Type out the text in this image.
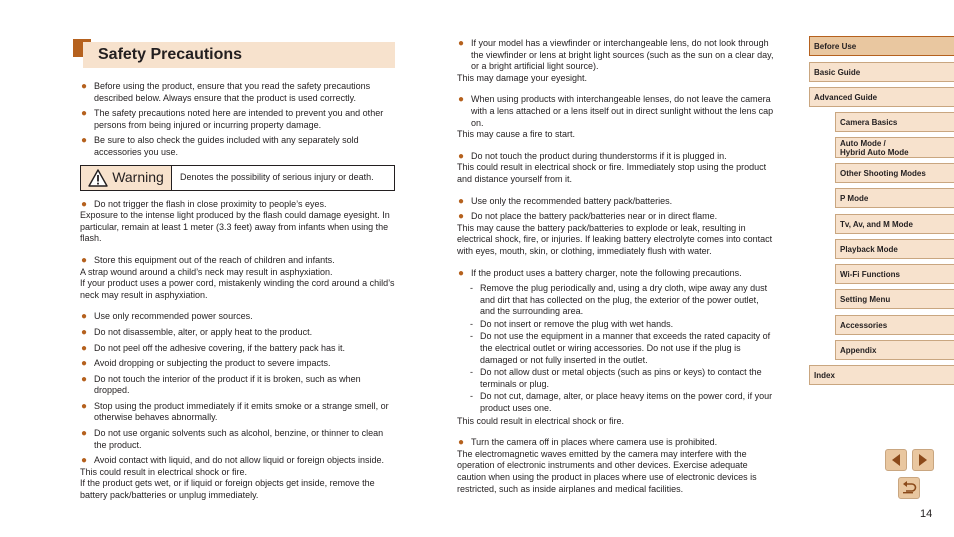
Safety Precautions
● Before using the product, ensure that you read the safety precautions described below. Always ensure that the product is used correctly.
● The safety precautions noted here are intended to prevent you and other persons from being injured or incurring property damage.
● Be sure to also check the guides included with any separately sold accessories you use.
Warning	Denotes the possibility of serious injury or death.
● Do not trigger the flash in close proximity to people’s eyes.
Exposure to the intense light produced by the flash could damage eyesight. In particular, remain at least 1 meter (3.3 feet) away from infants when using the flash.
● Store this equipment out of the reach of children and infants.
A strap wound around a child’s neck may result in asphyxiation.
If your product uses a power cord, mistakenly winding the cord around a child’s neck may result in asphyxiation.
● Use only recommended power sources.
● Do not disassemble, alter, or apply heat to the product.
● Do not peel off the adhesive covering, if the battery pack has it.
● Avoid dropping or subjecting the product to severe impacts.
● Do not touch the interior of the product if it is broken, such as when dropped.
● Stop using the product immediately if it emits smoke or a strange smell, or otherwise behaves abnormally.
● Do not use organic solvents such as alcohol, benzine, or thinner to clean the product.
● Avoid contact with liquid, and do not allow liquid or foreign objects inside.
This could result in electrical shock or fire.
If the product gets wet, or if liquid or foreign objects get inside, remove the battery pack/batteries or unplug immediately.
● If your model has a viewfinder or interchangeable lens, do not look through the viewfinder or lens at bright light sources (such as the sun on a clear day, or a bright artificial light source).
This may damage your eyesight.
● When using products with interchangeable lenses, do not leave the camera with a lens attached or a lens itself out in direct sunlight without the lens cap on.
This may cause a fire to start.
● Do not touch the product during thunderstorms if it is plugged in.
This could result in electrical shock or fire. Immediately stop using the product and distance yourself from it.
● Use only the recommended battery pack/batteries.
● Do not place the battery pack/batteries near or in direct flame.
This may cause the battery pack/batteries to explode or leak, resulting in electrical shock, fire, or injuries. If leaking battery electrolyte comes into contact with eyes, mouth, skin, or clothing, immediately flush with water.
● If the product uses a battery charger, note the following precautions.
- Remove the plug periodically and, using a dry cloth, wipe away any dust and dirt that has collected on the plug, the exterior of the power outlet, and the surrounding area.
- Do not insert or remove the plug with wet hands.
- Do not use the equipment in a manner that exceeds the rated capacity of the electrical outlet or wiring accessories. Do not use if the plug is damaged or not fully inserted in the outlet.
- Do not allow dust or metal objects (such as pins or keys) to contact the terminals or plug.
- Do not cut, damage, alter, or place heavy items on the power cord, if your product uses one.
This could result in electrical shock or fire.
● Turn the camera off in places where camera use is prohibited.
The electromagnetic waves emitted by the camera may interfere with the operation of electronic instruments and other devices. Exercise adequate caution when using the product in places where use of electronic devices is restricted, such as inside airplanes and medical facilities.
Before Use
Basic Guide
Advanced Guide
Camera Basics
Auto Mode /
Hybrid Auto Mode
Other Shooting Modes
P Mode
Tv, Av, and M Mode
Playback Mode
Wi-Fi Functions
Setting Menu
Accessories
Appendix
Index
14
